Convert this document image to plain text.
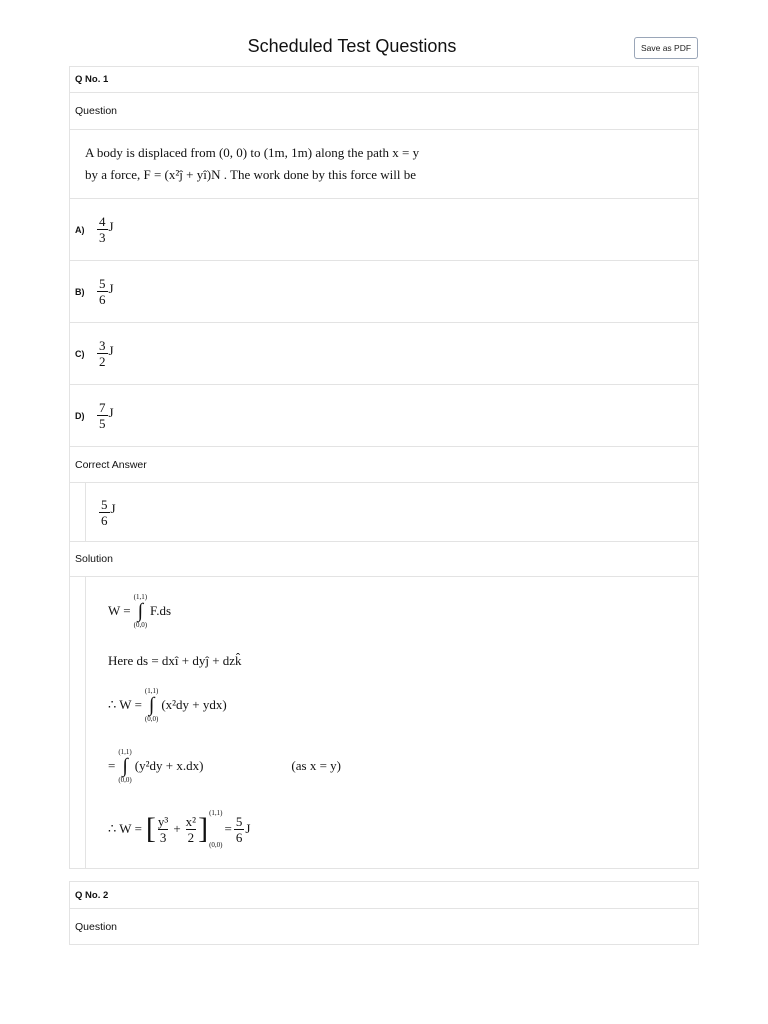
Scheduled Test Questions	Save as PDF
Q No. 1
Question
A body is displaced from (0, 0) to (1m, 1m) along the path x = y
by a force, F = (x²ĵ + yî)N . The work done by this force will be
$A) \frac{4}{3}$ J
$B) \frac{5}{6}$ J
$C) \frac{3}{2}$ J
$D) \frac{7}{5}$ J
Correct Answer
$\frac{5}{6}$ J
Solution
W =
(1,1)
∫
(0,0)
F.ds
Here ds = dxî + dyĵ + dzk̂
∴ W =
(1,1)
∫
(0,0)
(x²dy + ydx)
=
(1,1)
∫
(0,0)
(y²dy + x.dx)	(as x = y)
∴ W = [ $\frac{\text{y³}}{3} + \frac{\text{x²}}{2}$ ] (1,1)
(0,0)
= $\frac{5}{6}$ J
Q No. 2
Question
